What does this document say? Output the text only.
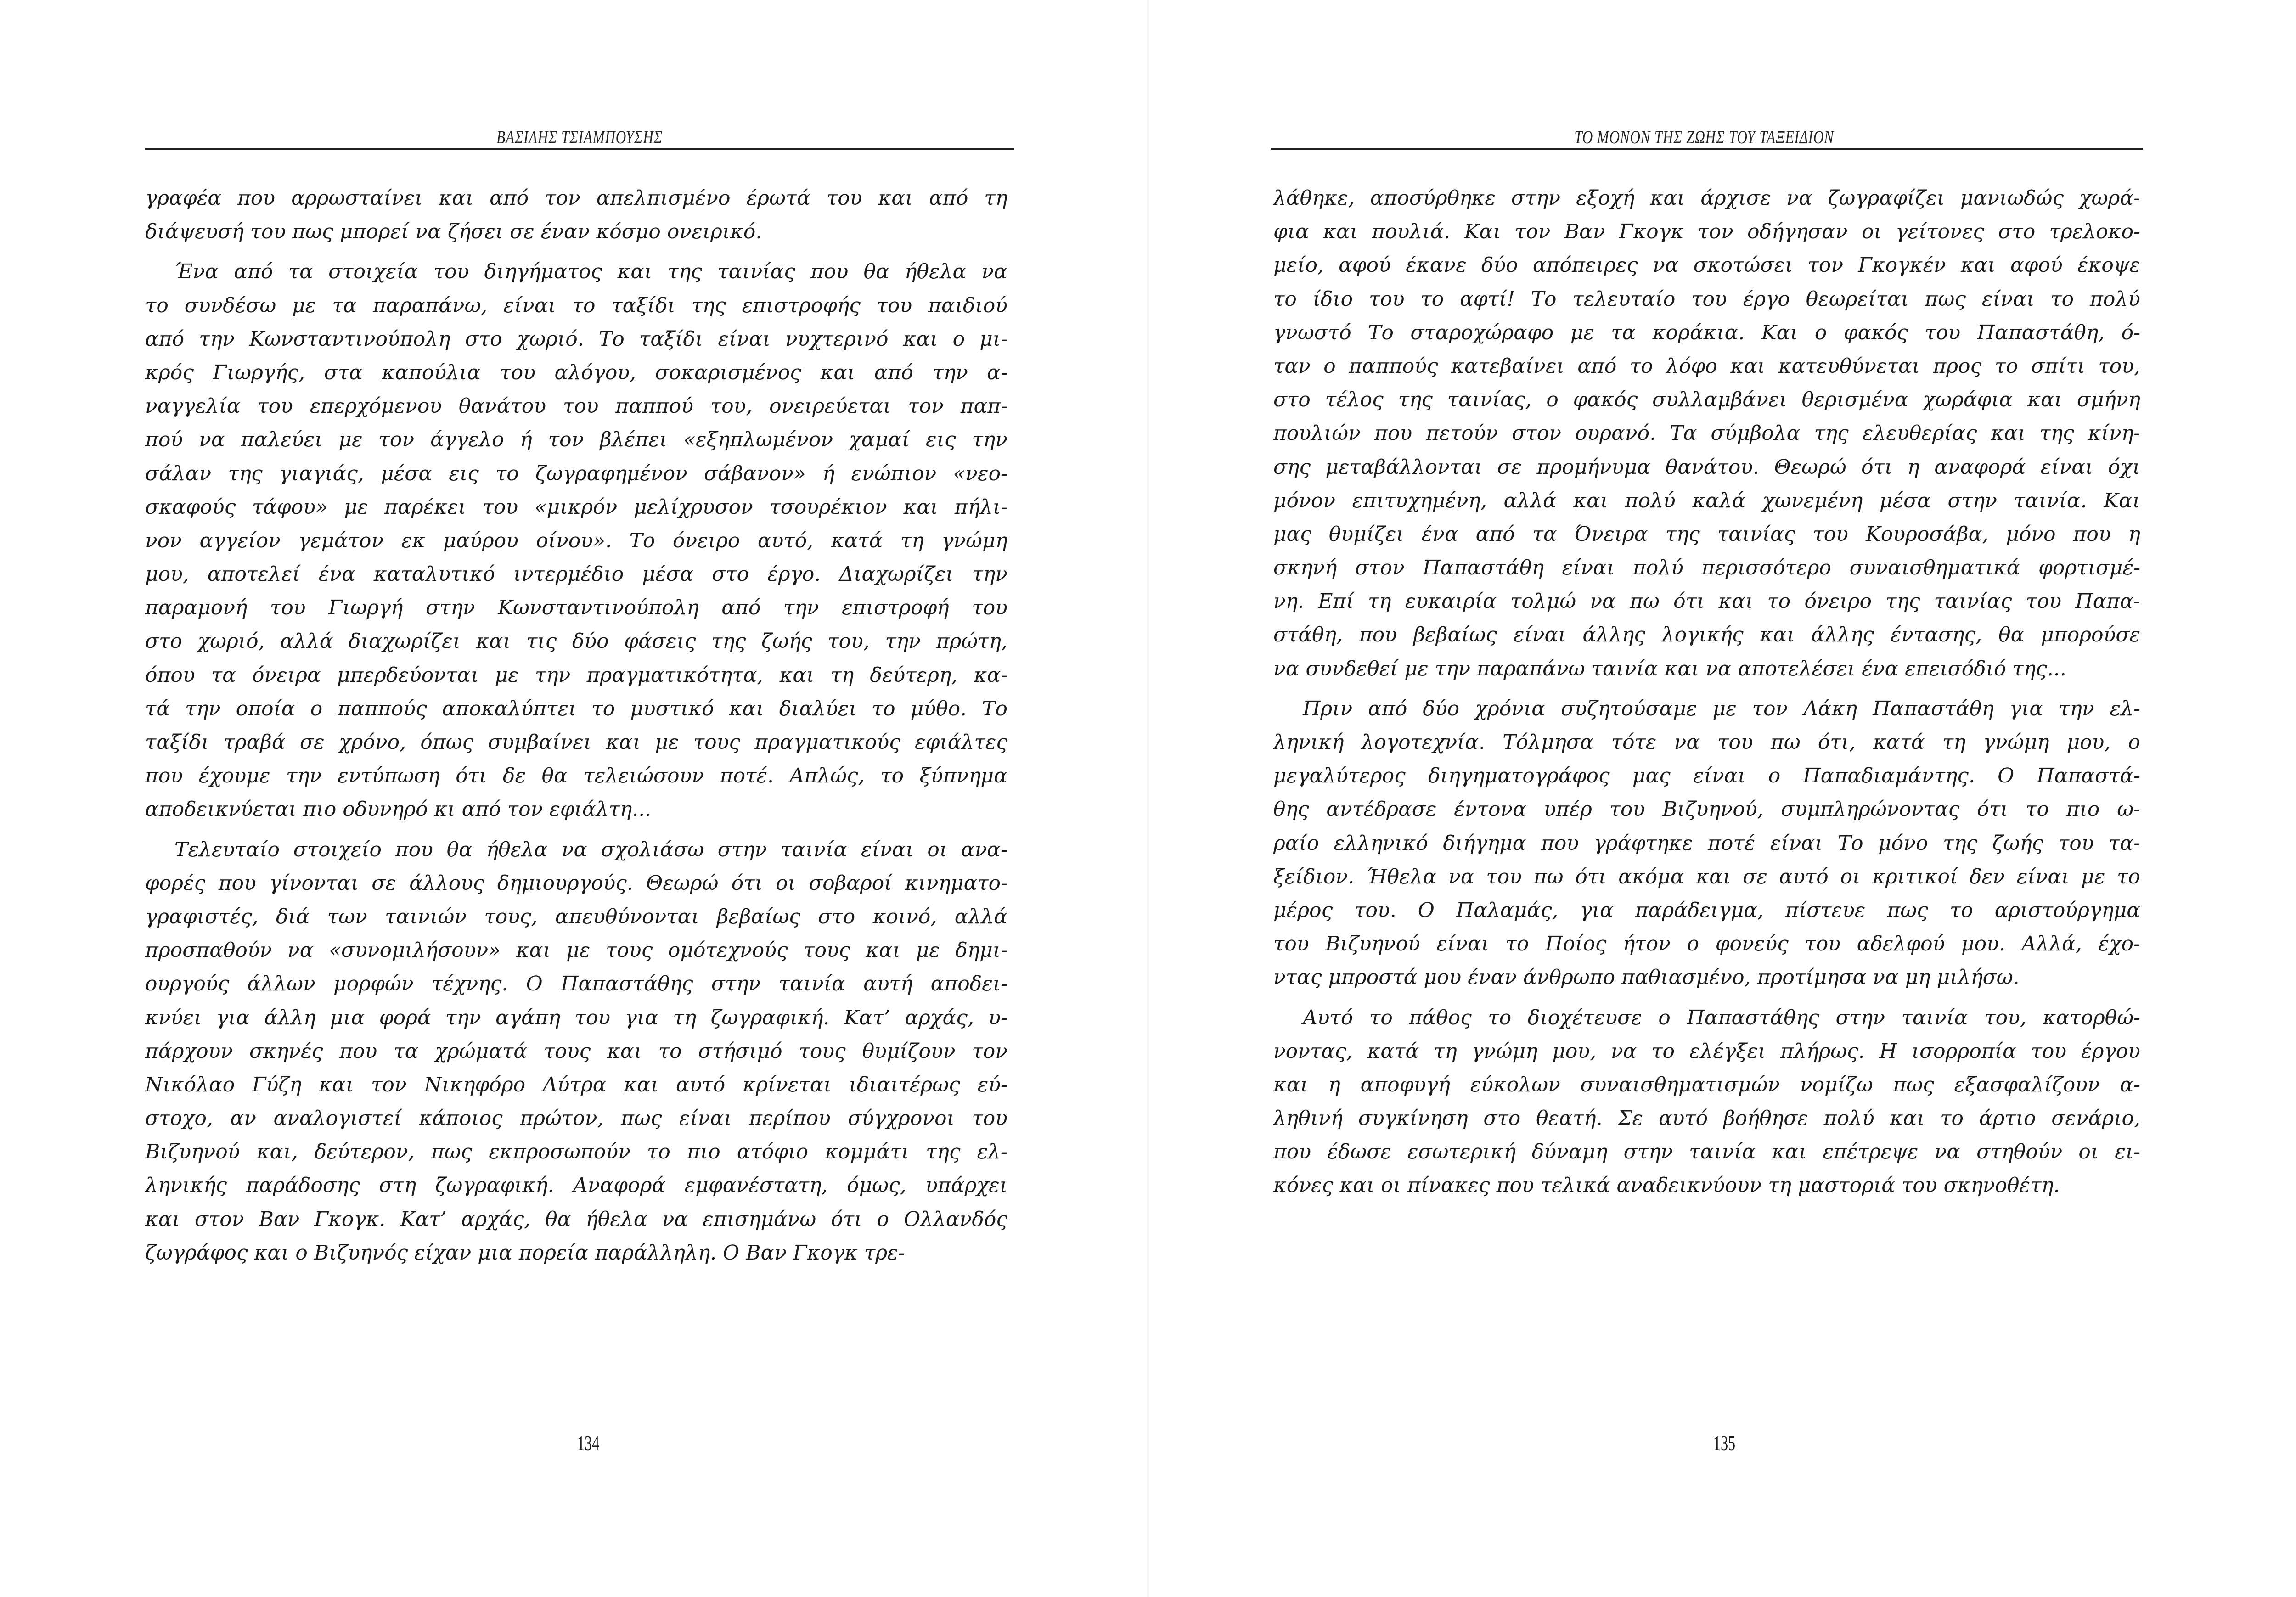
ΒΑΣΙΛΗΣ ΤΣΙΑΜΠΟΥΣΗΣ
γραφέα που αρρωσταίνει και από τον απελπισμένο έρωτά του και από τη
διάψευσή του πως μπορεί να ζήσει σε έναν κόσμο ονειρικό.
Ένα από τα στοιχεία του διηγήματος και της ταινίας που θα ήθελα να
το συνδέσω με τα παραπάνω, είναι το ταξίδι της επιστροφής του παιδιού
από την Κωνσταντινούπολη στο χωριό. Το ταξίδι είναι νυχτερινό και ο μι-
κρός Γιωργής, στα καπούλια του αλόγου, σοκαρισμένος και από την α-
ναγγελία του επερχόμενου θανάτου του παππού του, ονειρεύεται τον παπ-
πού να παλεύει με τον άγγελο ή τον βλέπει «εξηπλωμένον χαμαί εις την
σάλαν της γιαγιάς, μέσα εις το ζωγραφημένον σάβανον» ή ενώπιον «νεο-
σκαφούς τάφου» με παρέκει του «μικρόν μελίχρυσον τσουρέκιον και πήλι-
νον αγγείον γεμάτον εκ μαύρου οίνου». Το όνειρο αυτό, κατά τη γνώμη
μου, αποτελεί ένα καταλυτικό ιντερμέδιο μέσα στο έργο. Διαχωρίζει την
παραμονή του Γιωργή στην Κωνσταντινούπολη από την επιστροφή του
στο χωριό, αλλά διαχωρίζει και τις δύο φάσεις της ζωής του, την πρώτη,
όπου τα όνειρα μπερδεύονται με την πραγματικότητα, και τη δεύτερη, κα-
τά την οποία ο παππούς αποκαλύπτει το μυστικό και διαλύει το μύθο. Το
ταξίδι τραβά σε χρόνο, όπως συμβαίνει και με τους πραγματικούς εφιάλτες
που έχουμε την εντύπωση ότι δε θα τελειώσουν ποτέ. Απλώς, το ξύπνημα
αποδεικνύεται πιο οδυνηρό κι από τον εφιάλτη...
Τελευταίο στοιχείο που θα ήθελα να σχολιάσω στην ταινία είναι οι ανα-
φορές που γίνονται σε άλλους δημιουργούς. Θεωρώ ότι οι σοβαροί κινηματο-
γραφιστές, διά των ταινιών τους, απευθύνονται βεβαίως στο κοινό, αλλά
προσπαθούν να «συνομιλήσουν» και με τους ομότεχνούς τους και με δημι-
ουργούς άλλων μορφών τέχνης. Ο Παπαστάθης στην ταινία αυτή αποδει-
κνύει για άλλη μια φορά την αγάπη του για τη ζωγραφική. Κατ’ αρχάς, υ-
πάρχουν σκηνές που τα χρώματά τους και το στήσιμό τους θυμίζουν τον
Νικόλαο Γύζη και τον Νικηφόρο Λύτρα και αυτό κρίνεται ιδιαιτέρως εύ-
στοχο, αν αναλογιστεί κάποιος πρώτον, πως είναι περίπου σύγχρονοι του
Βιζυηνού και, δεύτερον, πως εκπροσωπούν το πιο ατόφιο κομμάτι της ελ-
ληνικής παράδοσης στη ζωγραφική. Αναφορά εμφανέστατη, όμως, υπάρχει
και στον Βαν Γκογκ. Κατ’ αρχάς, θα ήθελα να επισημάνω ότι ο Ολλανδός
ζωγράφος και ο Βιζυηνός είχαν μια πορεία παράλληλη. Ο Βαν Γκογκ τρε-
134
ΤΟ ΜΟΝΟΝ ΤΗΣ ΖΩΗΣ ΤΟΥ ΤΑΞΕΙΔΙΟΝ
λάθηκε, αποσύρθηκε στην εξοχή και άρχισε να ζωγραφίζει μανιωδώς χωρά-
φια και πουλιά. Και τον Βαν Γκογκ τον οδήγησαν οι γείτονες στο τρελοκο-
μείο, αφού έκανε δύο απόπειρες να σκοτώσει τον Γκογκέν και αφού έκοψε
το ίδιο του το αφτί! Το τελευταίο του έργο θεωρείται πως είναι το πολύ
γνωστό Το σταροχώραφο με τα κοράκια. Και ο φακός του Παπαστάθη, ό-
ταν ο παππούς κατεβαίνει από το λόφο και κατευθύνεται προς το σπίτι του,
στο τέλος της ταινίας, ο φακός συλλαμβάνει θερισμένα χωράφια και σμήνη
πουλιών που πετούν στον ουρανό. Τα σύμβολα της ελευθερίας και της κίνη-
σης μεταβάλλονται σε προμήνυμα θανάτου. Θεωρώ ότι η αναφορά είναι όχι
μόνον επιτυχημένη, αλλά και πολύ καλά χωνεμένη μέσα στην ταινία. Και
μας θυμίζει ένα από τα Όνειρα της ταινίας του Κουροσάβα, μόνο που η
σκηνή στον Παπαστάθη είναι πολύ περισσότερο συναισθηματικά φορτισμέ-
νη. Επί τη ευκαιρία τολμώ να πω ότι και το όνειρο της ταινίας του Παπα-
στάθη, που βεβαίως είναι άλλης λογικής και άλλης έντασης, θα μπορούσε
να συνδεθεί με την παραπάνω ταινία και να αποτελέσει ένα επεισόδιό της...
Πριν από δύο χρόνια συζητούσαμε με τον Λάκη Παπαστάθη για την ελ-
ληνική λογοτεχνία. Τόλμησα τότε να του πω ότι, κατά τη γνώμη μου, ο
μεγαλύτερος διηγηματογράφος μας είναι ο Παπαδιαμάντης. Ο Παπαστά-
θης αντέδρασε έντονα υπέρ του Βιζυηνού, συμπληρώνοντας ότι το πιο ω-
ραίο ελληνικό διήγημα που γράφτηκε ποτέ είναι Το μόνο της ζωής του τα-
ξείδιον. Ήθελα να του πω ότι ακόμα και σε αυτό οι κριτικοί δεν είναι με το
μέρος του. Ο Παλαμάς, για παράδειγμα, πίστευε πως το αριστούργημα
του Βιζυηνού είναι το Ποίος ήτον ο φονεύς του αδελφού μου. Αλλά, έχο-
ντας μπροστά μου έναν άνθρωπο παθιασμένο, προτίμησα να μη μιλήσω.
Αυτό το πάθος το διοχέτευσε ο Παπαστάθης στην ταινία του, κατορθώ-
νοντας, κατά τη γνώμη μου, να το ελέγξει πλήρως. Η ισορροπία του έργου
και η αποφυγή εύκολων συναισθηματισμών νομίζω πως εξασφαλίζουν α-
ληθινή συγκίνηση στο θεατή. Σε αυτό βοήθησε πολύ και το άρτιο σενάριο,
που έδωσε εσωτερική δύναμη στην ταινία και επέτρεψε να στηθούν οι ει-
κόνες και οι πίνακες που τελικά αναδεικνύουν τη μαστοριά του σκηνοθέτη.
135
